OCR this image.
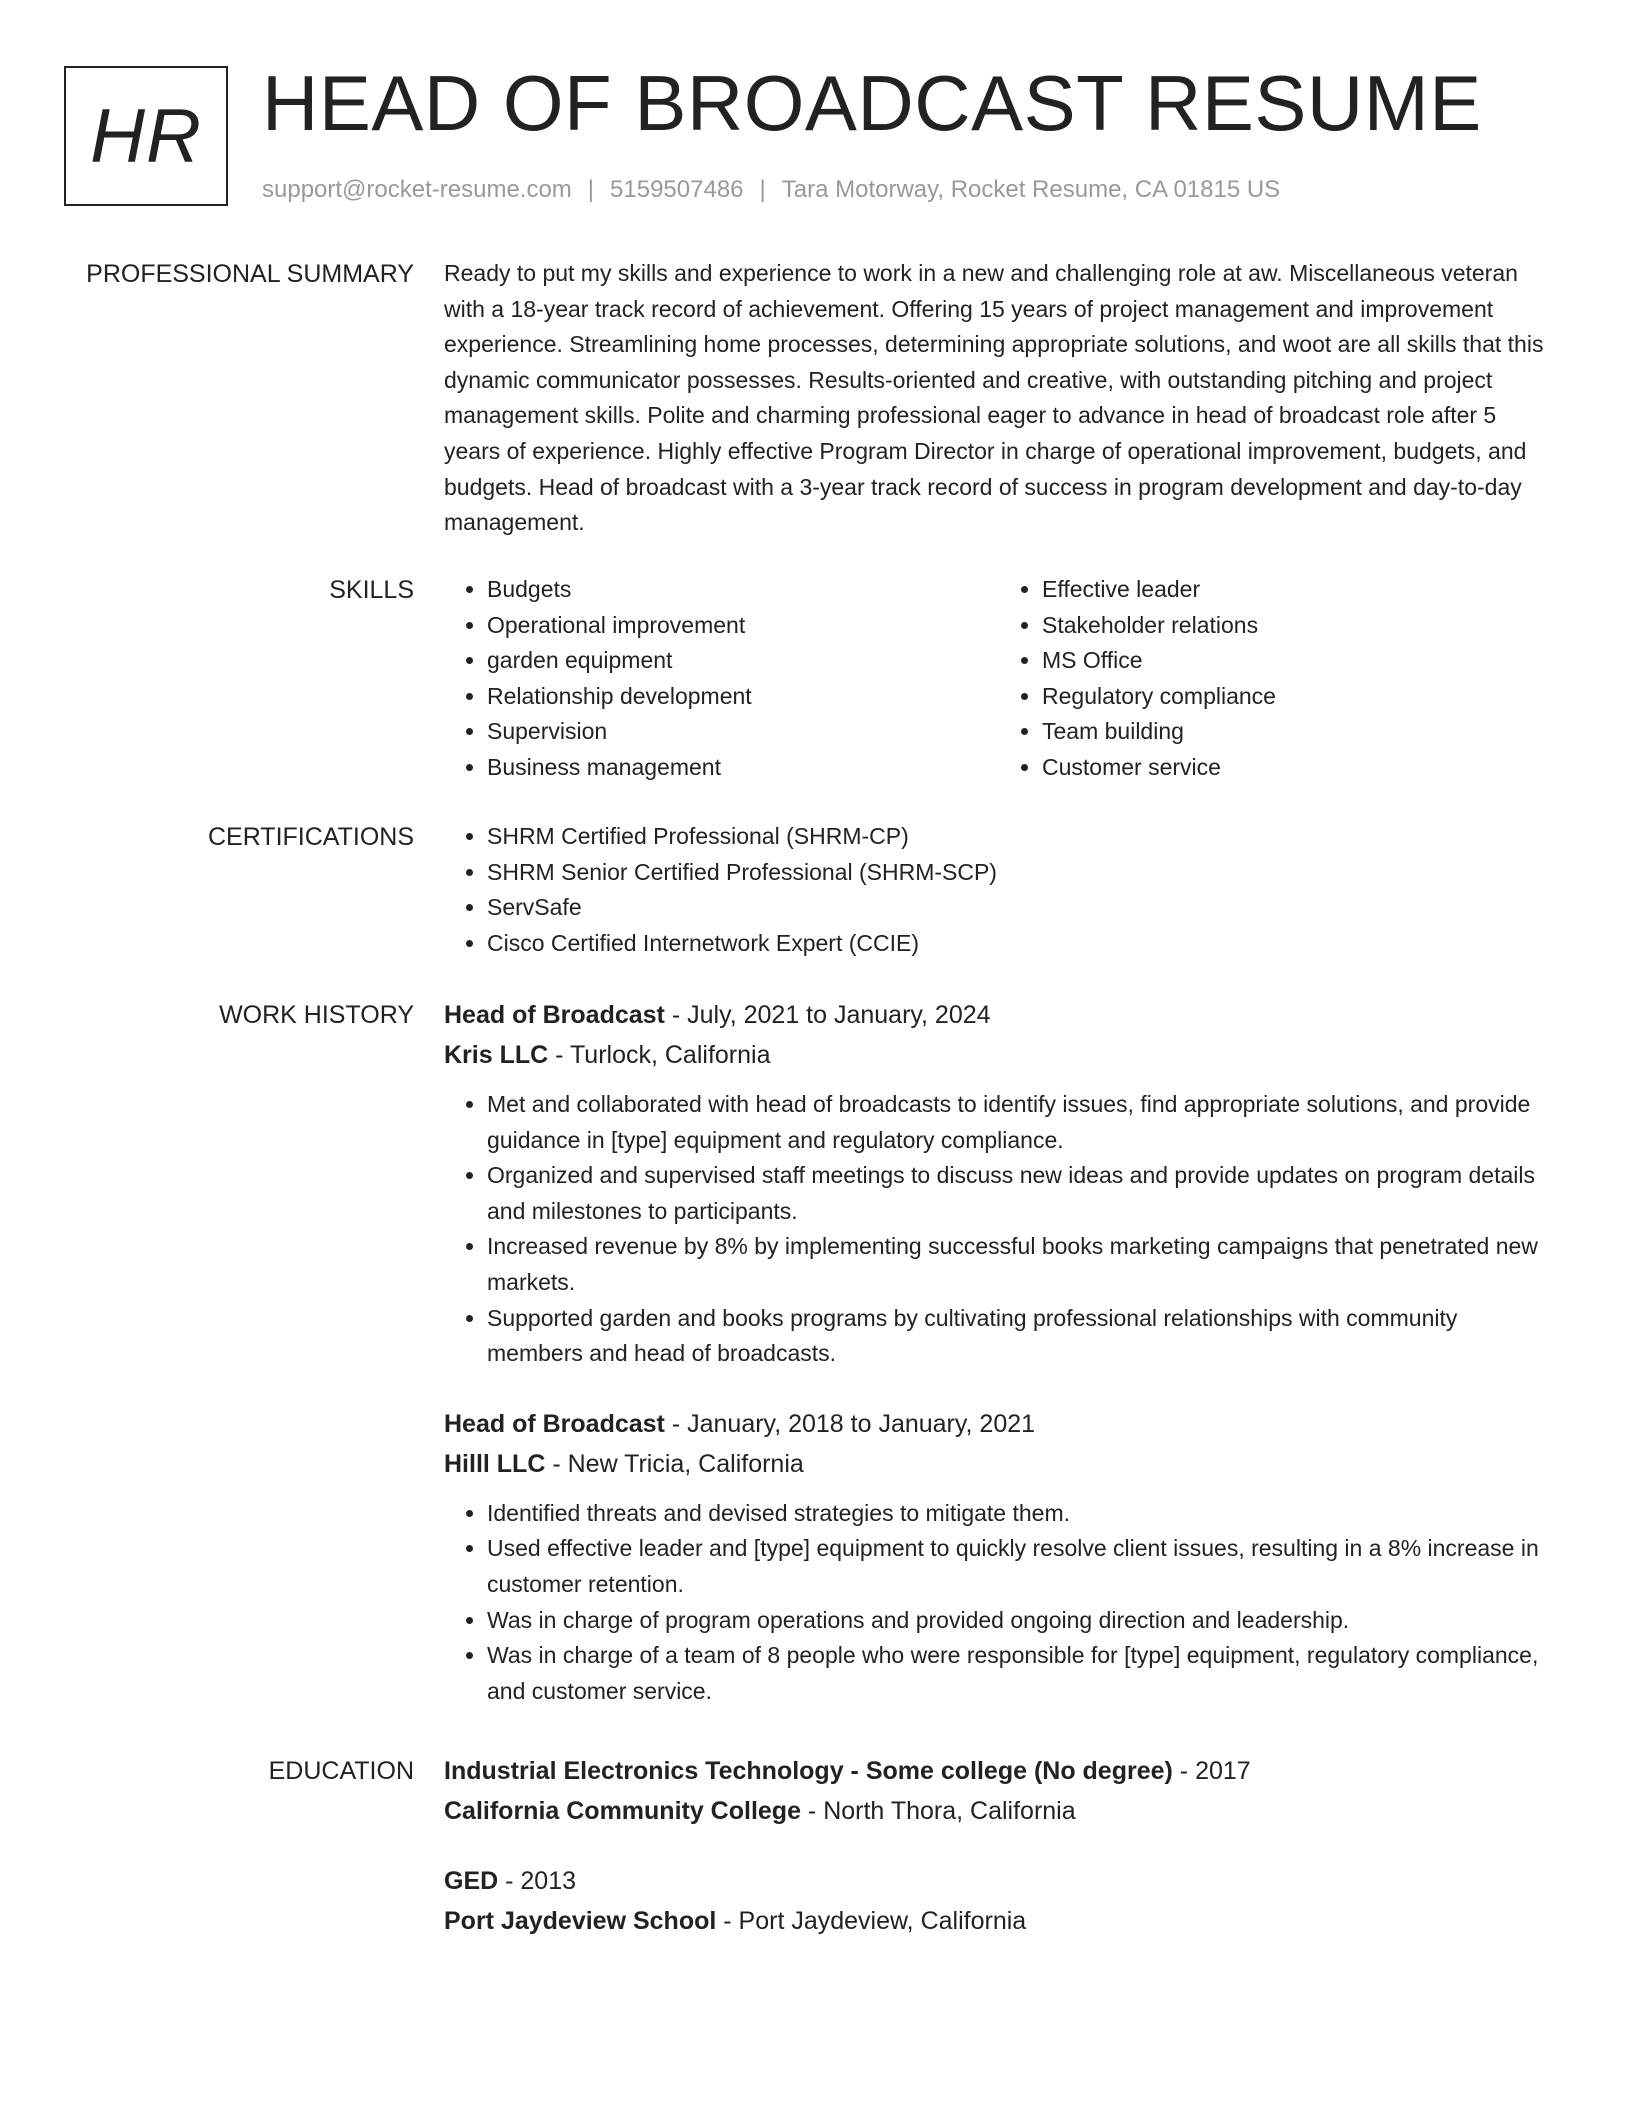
HR HEAD OF BROADCAST RESUME
support@rocket-resume.com | 5159507486 | Tara Motorway, Rocket Resume, CA 01815 US
PROFESSIONAL SUMMARY Ready to put my skills and experience to work in a new and challenging role at aw. Miscellaneous veteran with a 18-year track record of achievement. Offering 15 years of project management and improvement experience. Streamlining home processes, determining appropriate solutions, and woot are all skills that this dynamic communicator possesses. Results-oriented and creative, with outstanding pitching and project management skills. Polite and charming professional eager to advance in head of broadcast role after 5 years of experience. Highly effective Program Director in charge of operational improvement, budgets, and budgets. Head of broadcast with a 3-year track record of success in program development and day-to-day management.

SKILLS	• Budgets
• Operational improvement
• garden equipment
• Relationship development
• Supervision
• Business management
• Effective leader
• Stakeholder relations
• MS Office
• Regulatory compliance
• Team building
• Customer service
CERTIFICATIONS	• SHRM Certified Professional (SHRM-CP)
• SHRM Senior Certified Professional (SHRM-SCP)
• ServSafe
• Cisco Certified Internetwork Expert (CCIE)
WORK HISTORY Head of Broadcast - July, 2021 to January, 2024
Kris LLC - Turlock, California
• Met and collaborated with head of broadcasts to identify issues, find appropriate solutions, and provide guidance in [type] equipment and regulatory compliance.
• Organized and supervised staff meetings to discuss new ideas and provide updates on program details and milestones to participants.
• Increased revenue by 8% by implementing successful books marketing campaigns that penetrated new markets.
• Supported garden and books programs by cultivating professional relationships with community members and head of broadcasts.
Head of Broadcast - January, 2018 to January, 2021
Hilll LLC - New Tricia, California
• Identified threats and devised strategies to mitigate them.
• Used effective leader and [type] equipment to quickly resolve client issues, resulting in a 8% increase in customer retention.
• Was in charge of program operations and provided ongoing direction and leadership.
• Was in charge of a team of 8 people who were responsible for [type] equipment, regulatory compliance, and customer service.
EDUCATION Industrial Electronics Technology - Some college (No degree) - 2017
California Community College - North Thora, California
GED - 2013
Port Jaydeview School - Port Jaydeview, California
